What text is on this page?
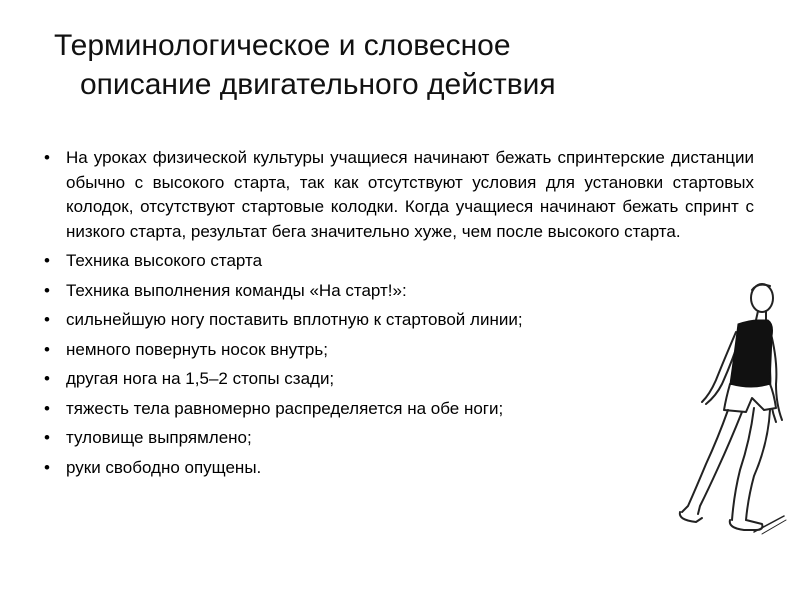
Терминологическое и словесное
описание двигательного действия
• На уроках физической культуры учащиеся начинают бежать спринтерские дистанции обычно с высокого старта, так как отсутствуют условия для установки стартовых колодок, отсутствуют стартовые колодки. Когда учащиеся начинают бежать спринт с низкого старта, результат бега значительно хуже, чем после высокого старта.
• Техника высокого старта
• Техника выполнения команды «На старт!»:
• сильнейшую ногу поставить вплотную к стартовой линии;
• немного повернуть носок внутрь;
• другая нога на 1,5–2 стопы сзади;
• тяжесть тела равномерно распределяется на обе ноги;
• туловище выпрямлено;
• руки свободно опущены.
